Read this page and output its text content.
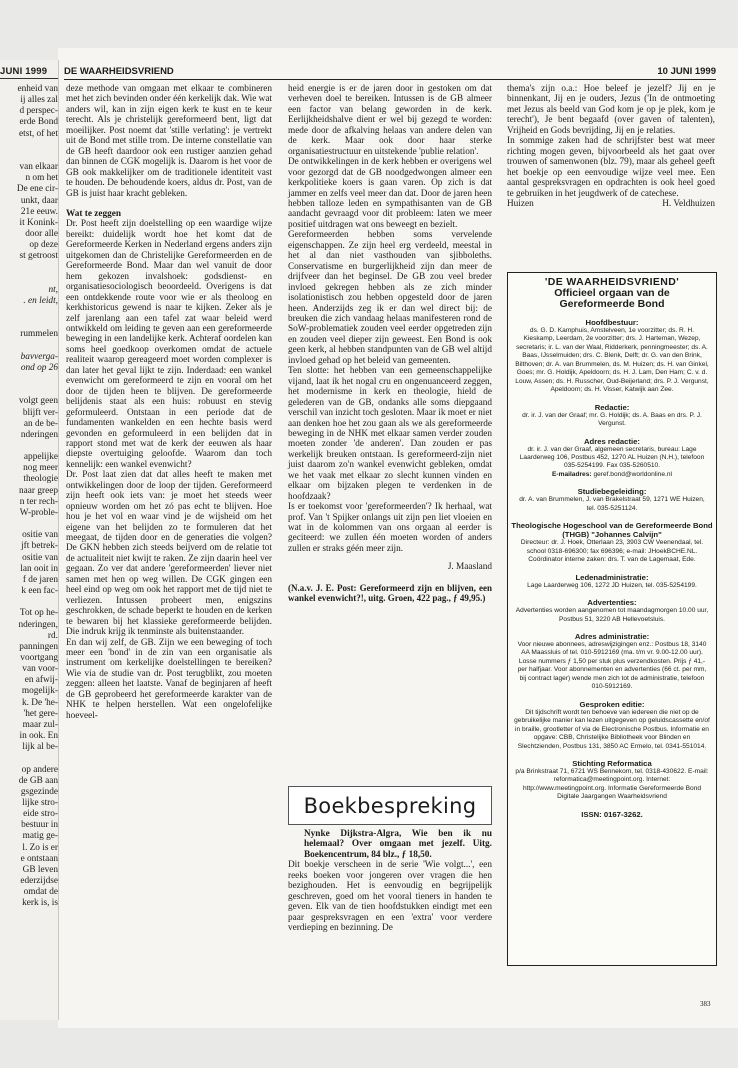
JUNI 1999
enheid van
ij alles zal
d perspec-
erde Bond
etst, of het

van elkaar
n om het
De ene cir-
unkt, daar
21e eeuw.
it Konink-
door alle
op deze
st getroost

nt,
. en leidt,

rummelen

bavverga-
ond op 26

volgt geen
blijft ver-
an de be-
nderingen

appelijke
nog meer
theologie
naar greep
n ter rech-
W-proble-

ositie van
jft betrek-
ositie van
lan ooit in
f de jaren
k een fac-

Tot op he-
nderingen,
rd.
panningen
voortgang
van voor-
en afwij-
mogelijk-
k. De 'he-
'het gere-
maar zul-
in ook. En
lijk al be-

op andere
de GB aan
gsgezinde
lijke stro-
eide stro-
bestuur in
matig ge-
l. Zo is er
e ontstaan
GB leven
ederzijdse
omdat de
kerk is, is
DE WAARHEIDSVRIEND	10 JUNI 1999

deze methode van omgaan met elkaar te combineren met het zich bevinden onder één kerkelijk dak. Wie wat anders wil, kan in zijn eigen kerk te kust en te keur terecht. Als je christelijk gereformeerd bent, ligt dat moeilijker. Post noemt dat 'stille verlating': je vertrekt uit de Bond met stille trom. De interne constellatie van de GB heeft daardoor ook een rustiger aanzien gehad dan binnen de CGK mogelijk is. Daarom is het voor de GB ook makkelijker om de traditionele identiteit vast te houden. De behoudende koers, aldus dr. Post, van de GB is juist haar kracht gebleken.

Wat te zeggen

Dr. Post heeft zijn doelstelling op een waardige wijze bereikt: duidelijk wordt hoe het komt dat de Gereformeerde Kerken in Nederland ergens anders zijn uitgekomen dan de Christelijke Gereformeerden en de Gereformeerde Bond. Maar dan wel vanuit de door hem gekozen invalshoek: godsdienst- en organisatiesociologisch beoordeeld. Overigens is dat een ontdekkende route voor wie er als theoloog en kerkhistoricus gewend is naar te kijken. Zeker als je zelf jarenlang aan een tafel zat waar beleid werd ontwikkeld om leiding te geven aan een gereformeerde beweging in een landelijke kerk. Achteraf oordelen kan soms heel goedkoop overkomen omdat de actuele realiteit waarop gereageerd moet worden complexer is dan later het geval lijkt te zijn. Inderdaad: een wankel evenwicht om gereformeerd te zijn en vooral om het door de tijden heen te blijven. De gereformeerde belijdenis staat als een huis: robuust en stevig geformuleerd. Ontstaan in een periode dat de fundamenten wankelden en een hechte basis werd gevonden en geformuleerd in een belijden dat in rapport stond met wat de kerk der eeuwen als haar diepste overtuiging geloofde. Waarom dan toch kennelijk: een wankel evenwicht?

Dr. Post laat zien dat dat alles heeft te maken met ontwikkelingen door de loop der tijden. Gereformeerd zijn heeft ook iets van: je moet het steeds weer opnieuw worden om het zó pas echt te blijven. Hoe hou je het vol en waar vind je de wijsheid om het eigene van het belijden zo te formuleren dat het meegaat, de tijden door en de generaties die volgen? De GKN hebben zich steeds beijverd om de relatie tot de actualiteit niet kwijt te raken. Ze zijn daarin heel ver gegaan. Zo ver dat andere 'gereformeerden' liever niet samen met hen op weg willen. De CGK gingen een heel eind op weg om ook het rapport met de tijd niet te verliezen. Intussen probeert men, enigszins geschrokken, de schade beperkt te houden en de kerken te bewaren bij het klassieke gereformeerde belijden. Die indruk krijg ik tenminste als buitenstaander.

En dan wij zelf, de GB. Zijn we een beweging of toch meer een 'bond' in de zin van een organisatie als instrument om kerkelijke doelstellingen te bereiken? Wie via de studie van dr. Post terugblikt, zou moeten zeggen: alleen het laatste. Vanaf de beginjaren af heeft de GB geprobeerd het gereformeerde karakter van de NHK te helpen herstellen. Wat een ongelofelijke hoeveel-

heid energie is er de jaren door in gestoken om dat verheven doel te bereiken. Intussen is de GB almeer een factor van belang geworden in de kerk. Eerlijkheidshalve dient er wel bij gezegd te worden: mede door de afkalving helaas van andere delen van de kerk. Maar ook door haar sterke organisatiestructuur en uitstekende 'publie relation'.

De ontwikkelingen in de kerk hebben er overigens wel voor gezorgd dat de GB noodgedwongen almeer een kerkpolitieke koers is gaan varen. Op zich is dat jammer en zelfs veel meer dan dat. Door de jaren heen hebben talloze leden en sympathisanten van de GB aandacht gevraagd voor dit probleem: laten we meer positief uitdragen wat ons beweegt en bezielt.

Gereformeerden hebben soms vervelende eigenschappen. Ze zijn heel erg verdeeld, meestal in het al dan niet vasthouden van sjibboleths. Conservatisme en burgerlijkheid zijn dan meer de drijfveer dan het beginsel. De GB zou veel breder invloed gekregen hebben als ze zich minder isolationistisch zou hebben opgesteld door de jaren heen. Anderzijds zeg ik er dan wel direct bij: de breuken die zich vandaag helaas manifesteren rond de SoW-problematiek zouden veel eerder opgetreden zijn en zouden veel dieper zijn geweest. Een Bond is ook geen kerk, al hebben standpunten van de GB wel altijd invloed gehad op het beleid van gemeenten.

Ten slotte: het hebben van een gemeenschappelijke vijand, laat ik het nogal cru en ongenuanceerd zeggen, het modernisme in kerk en theologie, hield de gelederen van de GB, ondanks alle soms diepgaand verschil van inzicht toch gesloten. Maar ik moet er niet aan denken hoe het zou gaan als we als gereformeerde beweging in de NHK met elkaar samen verder zouden moeten zonder 'de anderen'. Dan zouden er pas werkelijk breuken ontstaan. Is gereformeerd-zijn niet juist daarom zo'n wankel evenwicht gebleken, omdat we het vaak met elkaar zo slecht kunnen vinden en elkaar om bijzaken plegen te verdenken in de hoofdzaak?

Is er toekomst voor 'gereformeerden'? Ik herhaal, wat prof. Van 't Spijker onlangs uit zijn pen liet vloeien en wat in de kolommen van ons orgaan al eerder is geciteerd: we zullen één moeten worden of anders zullen er straks géén meer zijn.

J. Maasland

(N.a.v. J. E. Post: Gereformeerd zijn en blijven, een wankel evenwicht?!, uitg. Groen, 422 pag., ƒ 49,95.)

Boekbespreking

Nynke Dijkstra-Algra, Wie ben ik nu helemaal? Over omgaan met jezelf. Uitg. Boekencentrum, 84 blz., ƒ 18,50.

Dit boekje verscheen in de serie 'Wie volgt...', een reeks boeken voor jongeren over vragen die hen bezighouden. Het is eenvoudig en begrijpelijk geschreven, goed om het vooral tieners in handen te geven. Elk van de tien hoofdstukken eindigt met een paar gespreksvragen en een 'extra' voor verdere verdieping en bezinning. De

thema's zijn o.a.: Hoe beleef je jezelf? Jij en je binnenkant, Jij en je ouders, Jezus ('In de ontmoeting met Jezus als beeld van God kom je op je plek, kom je terecht'), Je bent begaafd (over gaven of talenten), Vrijheid en Gods bevrijding, Jij en je relaties.

In sommige zaken had de schrijfster best wat meer richting mogen geven, bijvoorbeeld als het gaat over trouwen of samenwonen (blz. 79), maar als geheel geeft het boekje op een eenvoudige wijze veel mee. Een aantal gespreksvragen en opdrachten is ook heel goed te gebruiken in het jeugdwerk of de catechese.

Huizen	H. Veldhuizen
'DE WAARHEIDSVRIEND'
Officieel orgaan van de
Gereformeerde Bond
Hoofdbestuur:
ds. G. D. Kamphuis, Amstelveen, 1e voorzitter; ds. R. H. Kieskamp, Leerdam, 2e voorzitter; drs. J. Harteman, Wezep, secretaris; ir. L. van der Waal, Ridderkerk, penningmeester; ds. A. Baas, IJsselmuiden; drs. C. Blenk, Delft; dr. G. van den Brink, Bilthoven; dr. A. van Brummelen, ds. M. Huizen; ds. H. van Ginkel, Goes; mr. G. Holdijk, Apeldoorn; ds. H. J. Lam, Den Ham; C. v. d. Louw, Assen; ds. H. Russcher, Oud-Beijerland; drs. P. J. Vergunst, Apeldoorn; ds. H. Visser, Katwijk aan Zee.
Redactie:
dr. ir. J. van der Graaf; mr. G. Holdijk; ds. A. Baas en drs. P. J. Vergunst.
Adres redactie:
dr. ir. J. van der Graaf, algemeen secretaris, bureau: Lage Laarderweg 106, Postbus 452, 1270 AL Huizen (N.H.), telefoon 035-5254199. Fax 035-5260510.
E-mailadres: geref.bond@worldonline.nl
Studiebegeleiding:
dr. A. van Brummelen, J. van Brakelstraat 59, 1271 WE Huizen, tel. 035-5251124.
Theologische Hogeschool van de Gereformeerde Bond (THGB) "Johannes Calvijn"
Directeur: dr. J. Hoek, Otterlaan 23, 3903 CW Veenendaal, tel. school 0318-696300; fax 696396; e-mail: JHoekBCHE.NL. Coördinator interne zaken: drs. T. van de Lagemaat, Ede.
Ledenadministratie:
Lage Laarderweg 106, 1272 JD Huizen, tel. 035-5254199.
Advertenties:
Advertenties worden aangenomen tot maandagmorgen 10.00 uur, Postbus 51, 3220 AB Hellevoetsluis.
Adres administratie:
Voor nieuwe abonnees, adreswijzigingen enz.: Postbus 18, 3140 AA Maassluis of tel. 010-5912169 (ma. t/m vr. 9.00-12.00 uur). Losse nummers ƒ 1,50 per stuk plus verzendkosten. Prijs ƒ 41,- per halfjaar. Voor abonnementen en advertenties (66 ct. per mm, bij contract lager) wende men zich tot de administratie, telefoon 010-5912169.
Gesproken editie:
Dit tijdschrift wordt ten behoeve van iedereen die niet op de gebruikelijke manier kan lezen uitgegeven op geluidscassette en/of in braille, grootletter of via de Electronische Postbus. Informatie en opgave: CBB, Christelijke Bibliotheek voor Blinden en Slechtzienden, Postbus 131, 3850 AC Ermelo, tel. 0341-551014.
Stichting Reformatica
p/a Brinkstraat 71, 6721 WS Bennekom, tel. 0318-430622. E-mail: reformatica@meetingpoint.org. Internet: http://www.meetingpoint.org. Informatie Gereformeerde Bond Digitale Jaargangen Waarheidsvriend
ISSN: 0167-3262.
383
